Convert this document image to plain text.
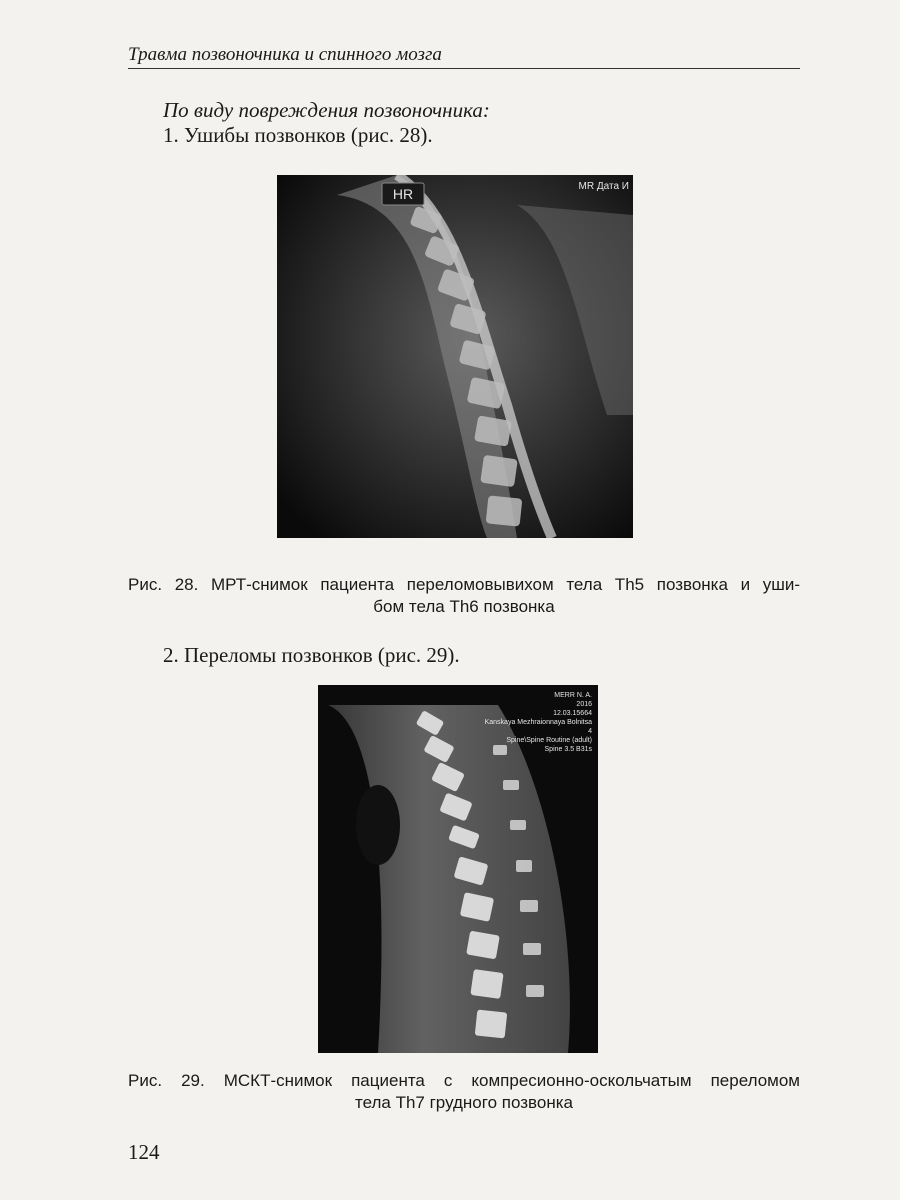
Травма позвоночника и спинного мозга
По виду повреждения позвоночника:
1. Ушибы позвонков (рис. 28).
HR	MR Дата И
Рис. 28. МРТ-снимок пациента переломовывихом тела Th5 позвонка и уши-
бом тела Th6 позвонка
2. Переломы позвонков (рис. 29).
MERR N. A.
2016
12.03.15664
Kanskaya Mezhraionnaya Bolnitsa
4
Spine\Spine Routine (adult)
Spine 3.5 B31s
Рис. 29. МСКТ-снимок пациента с компресионно-оскольчатым переломом
тела Th7 грудного позвонка
124
